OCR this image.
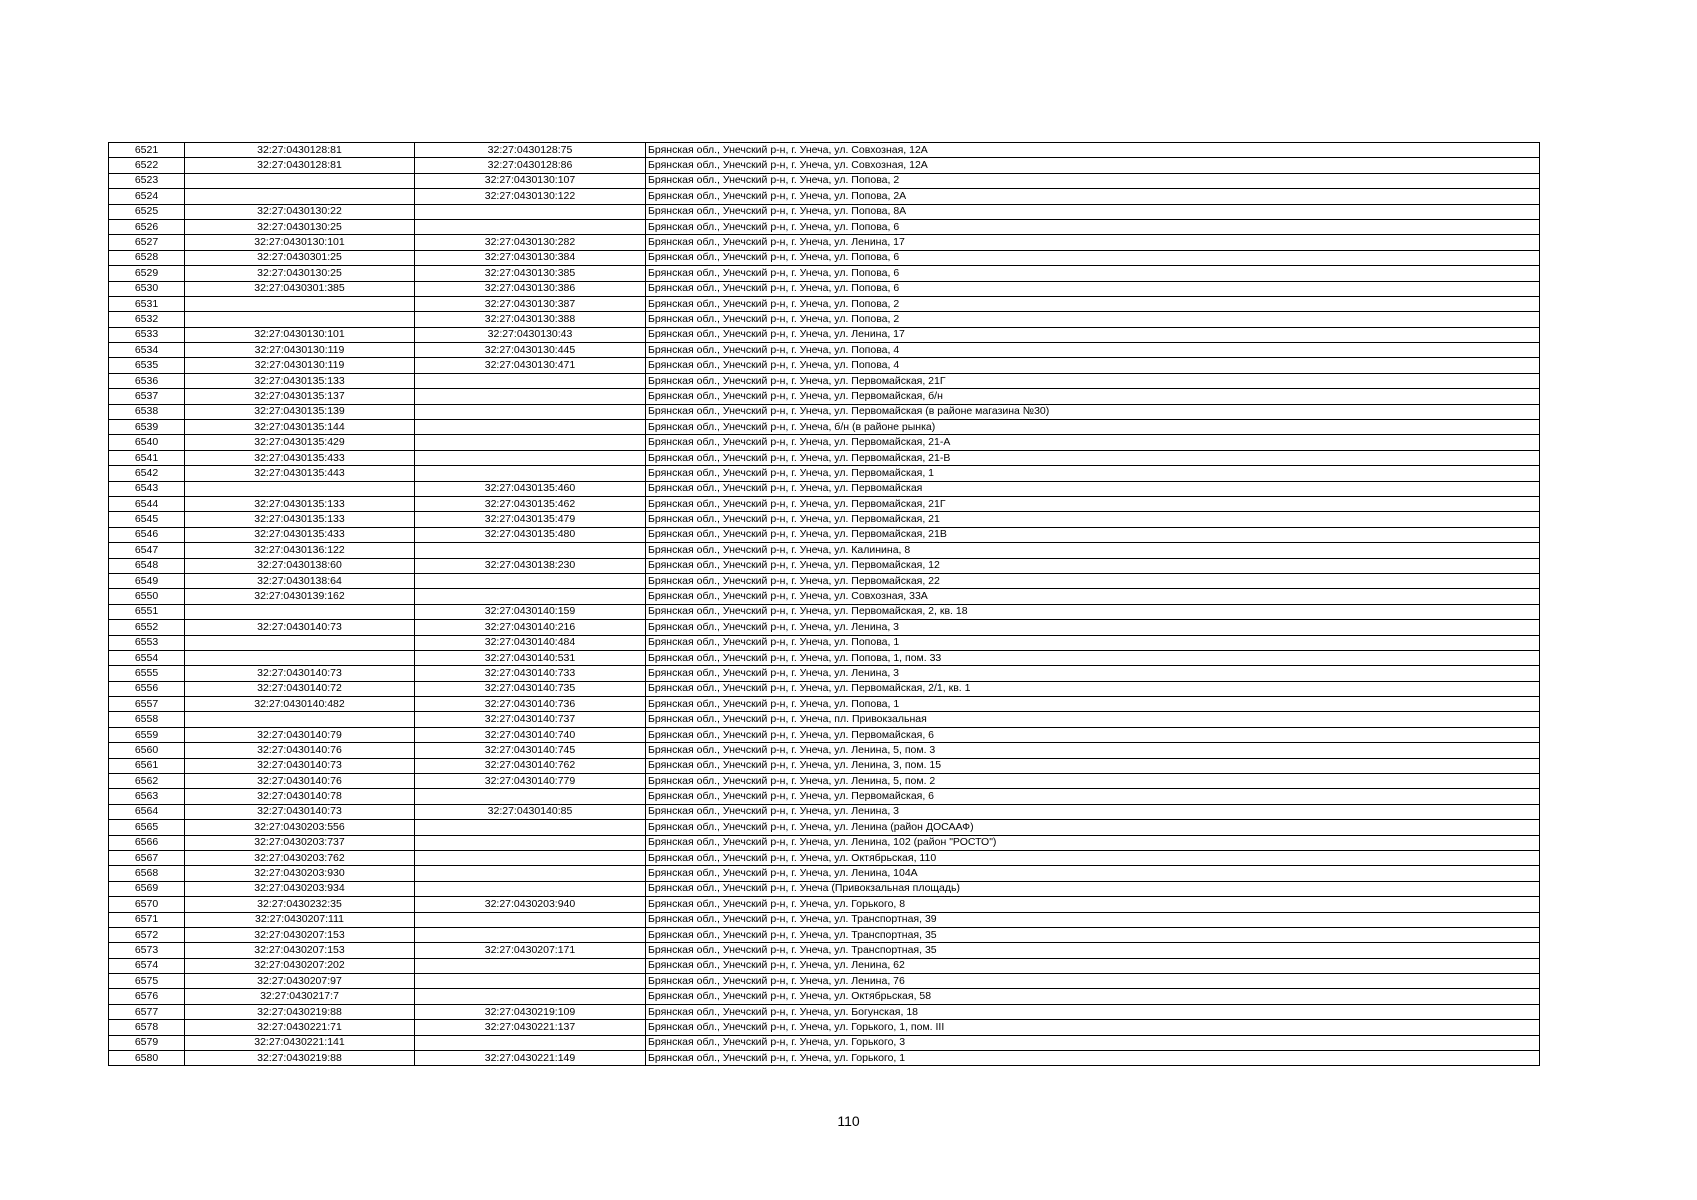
6521	32:27:0430128:81	32:27:0430128:75	Брянская обл., Унечский р-н, г. Унеча, ул. Совхозная, 12А
6522	32:27:0430128:81	32:27:0430128:86	Брянская обл., Унечский р-н, г. Унеча, ул. Совхозная, 12А
6523		32:27:0430130:107	Брянская обл., Унечский р-н, г. Унеча, ул. Попова, 2
6524		32:27:0430130:122	Брянская обл., Унечский р-н, г. Унеча, ул. Попова, 2А
6525	32:27:0430130:22		Брянская обл., Унечский р-н, г. Унеча, ул. Попова, 8А
6526	32:27:0430130:25		Брянская обл., Унечский р-н, г. Унеча, ул. Попова, 6
6527	32:27:0430130:101	32:27:0430130:282	Брянская обл., Унечский р-н, г. Унеча, ул. Ленина, 17
6528	32:27:0430301:25	32:27:0430130:384	Брянская обл., Унечский р-н, г. Унеча, ул. Попова, 6
6529	32:27:0430130:25	32:27:0430130:385	Брянская обл., Унечский р-н, г. Унеча, ул. Попова, 6
6530	32:27:0430301:385	32:27:0430130:386	Брянская обл., Унечский р-н, г. Унеча, ул. Попова, 6
6531		32:27:0430130:387	Брянская обл., Унечский р-н, г. Унеча, ул. Попова, 2
6532		32:27:0430130:388	Брянская обл., Унечский р-н, г. Унеча, ул. Попова, 2
6533	32:27:0430130:101	32:27:0430130:43	Брянская обл., Унечский р-н, г. Унеча, ул. Ленина, 17
6534	32:27:0430130:119	32:27:0430130:445	Брянская обл., Унечский р-н, г. Унеча, ул. Попова, 4
6535	32:27:0430130:119	32:27:0430130:471	Брянская обл., Унечский р-н, г. Унеча, ул. Попова, 4
6536	32:27:0430135:133		Брянская обл., Унечский р-н, г. Унеча, ул. Первомайская, 21Г
6537	32:27:0430135:137		Брянская обл., Унечский р-н, г. Унеча, ул. Первомайская, б/н
6538	32:27:0430135:139		Брянская обл., Унечский р-н, г. Унеча, ул. Первомайская (в районе магазина №30)
6539	32:27:0430135:144		Брянская обл., Унечский р-н, г. Унеча, б/н (в районе рынка)
6540	32:27:0430135:429		Брянская обл., Унечский р-н, г. Унеча, ул. Первомайская, 21-А
6541	32:27:0430135:433		Брянская обл., Унечский р-н, г. Унеча, ул. Первомайская, 21-В
6542	32:27:0430135:443		Брянская обл., Унечский р-н, г. Унеча, ул. Первомайская, 1
6543		32:27:0430135:460	Брянская обл., Унечский р-н, г. Унеча, ул. Первомайская
6544	32:27:0430135:133	32:27:0430135:462	Брянская обл., Унечский р-н, г. Унеча, ул. Первомайская, 21Г
6545	32:27:0430135:133	32:27:0430135:479	Брянская обл., Унечский р-н, г. Унеча, ул. Первомайская, 21
6546	32:27:0430135:433	32:27:0430135:480	Брянская обл., Унечский р-н, г. Унеча, ул. Первомайская, 21В
6547	32:27:0430136:122		Брянская обл., Унечский р-н, г. Унеча, ул. Калинина, 8
6548	32:27:0430138:60	32:27:0430138:230	Брянская обл., Унечский р-н, г. Унеча, ул. Первомайская, 12
6549	32:27:0430138:64		Брянская обл., Унечский р-н, г. Унеча, ул. Первомайская, 22
6550	32:27:0430139:162		Брянская обл., Унечский р-н, г. Унеча, ул. Совхозная, 33А
6551		32:27:0430140:159	Брянская обл., Унечский р-н, г. Унеча, ул. Первомайская, 2, кв. 18
6552	32:27:0430140:73	32:27:0430140:216	Брянская обл., Унечский р-н, г. Унеча, ул. Ленина, 3
6553		32:27:0430140:484	Брянская обл., Унечский р-н, г. Унеча, ул. Попова, 1
6554		32:27:0430140:531	Брянская обл., Унечский р-н, г. Унеча, ул. Попова, 1, пом. 33
6555	32:27:0430140:73	32:27:0430140:733	Брянская обл., Унечский р-н, г. Унеча, ул. Ленина, 3
6556	32:27:0430140:72	32:27:0430140:735	Брянская обл., Унечский р-н, г. Унеча, ул. Первомайская, 2/1, кв. 1
6557	32:27:0430140:482	32:27:0430140:736	Брянская обл., Унечский р-н, г. Унеча, ул. Попова, 1
6558		32:27:0430140:737	Брянская обл., Унечский р-н, г. Унеча, пл. Привокзальная
6559	32:27:0430140:79	32:27:0430140:740	Брянская обл., Унечский р-н, г. Унеча, ул. Первомайская, 6
6560	32:27:0430140:76	32:27:0430140:745	Брянская обл., Унечский р-н, г. Унеча, ул. Ленина, 5, пом. 3
6561	32:27:0430140:73	32:27:0430140:762	Брянская обл., Унечский р-н, г. Унеча, ул. Ленина, 3, пом. 15
6562	32:27:0430140:76	32:27:0430140:779	Брянская обл., Унечский р-н, г. Унеча, ул. Ленина, 5, пом. 2
6563	32:27:0430140:78		Брянская обл., Унечский р-н, г. Унеча, ул. Первомайская, 6
6564	32:27:0430140:73	32:27:0430140:85	Брянская обл., Унечский р-н, г. Унеча, ул. Ленина, 3
6565	32:27:0430203:556		Брянская обл., Унечский р-н, г. Унеча, ул. Ленина (район ДОСААФ)
6566	32:27:0430203:737		Брянская обл., Унечский р-н, г. Унеча, ул. Ленина, 102 (район "РОСТО")
6567	32:27:0430203:762		Брянская обл., Унечский р-н, г. Унеча, ул. Октябрьская, 110
6568	32:27:0430203:930		Брянская обл., Унечский р-н, г. Унеча, ул. Ленина, 104А
6569	32:27:0430203:934		Брянская обл., Унечский р-н, г. Унеча (Привокзальная площадь)
6570	32:27:0430232:35	32:27:0430203:940	Брянская обл., Унечский р-н, г. Унеча, ул. Горького, 8
6571	32:27:0430207:111		Брянская обл., Унечский р-н, г. Унеча, ул. Транспортная, 39
6572	32:27:0430207:153		Брянская обл., Унечский р-н, г. Унеча, ул. Транспортная, 35
6573	32:27:0430207:153	32:27:0430207:171	Брянская обл., Унечский р-н, г. Унеча, ул. Транспортная, 35
6574	32:27:0430207:202		Брянская обл., Унечский р-н, г. Унеча, ул. Ленина, 62
6575	32:27:0430207:97		Брянская обл., Унечский р-н, г. Унеча, ул. Ленина, 76
6576	32:27:0430217:7		Брянская обл., Унечский р-н, г. Унеча, ул. Октябрьская, 58
6577	32:27:0430219:88	32:27:0430219:109	Брянская обл., Унечский р-н, г. Унеча, ул. Богунская, 18
6578	32:27:0430221:71	32:27:0430221:137	Брянская обл., Унечский р-н, г. Унеча, ул. Горького, 1, пом. III
6579	32:27:0430221:141		Брянская обл., Унечский р-н, г. Унеча, ул. Горького, 3
6580	32:27:0430219:88	32:27:0430221:149	Брянская обл., Унечский р-н, г. Унеча, ул. Горького, 1
110
